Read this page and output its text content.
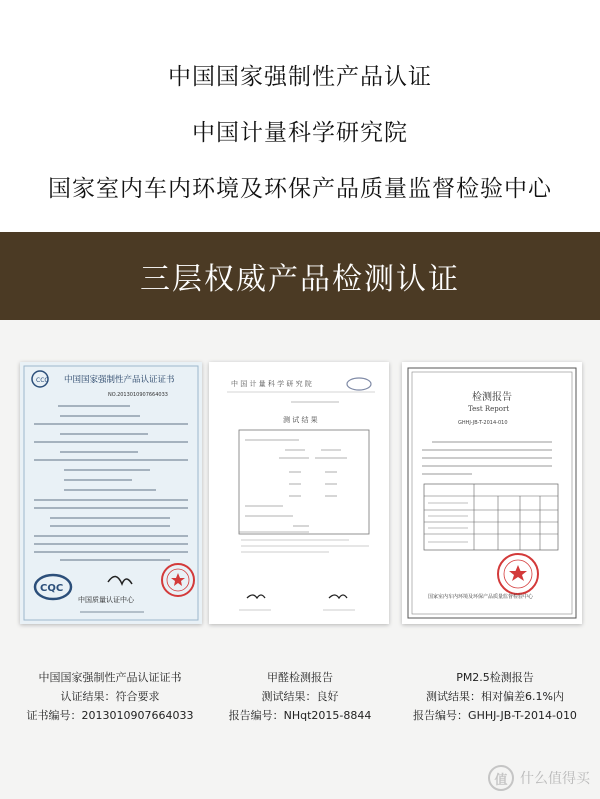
中国国家强制性产品认证
中国计量科学研究院
国家室内车内环境及环保产品质量监督检验中心
三层权威产品检测认证
CCC 中国国家强制性产品认证证书
NO.2013010907664033
CQC
中国质量认证中心
中 国 计 量 科 学 研 究 院
测 试 结 果
检测报告
Test Report
GHHJ-JB-T-2014-010
国家室内车内环境及环保产品质量监督检验中心
中国国家强制性产品认证证书
认证结果：符合要求
证书编号：2013010907664033
甲醛检测报告
测试结果：良好
报告编号：NHqt2015-8844
PM2.5检测报告
测试结果：相对偏差6.1%内
报告编号：GHHJ-JB-T-2014-010
值 什么值得买
